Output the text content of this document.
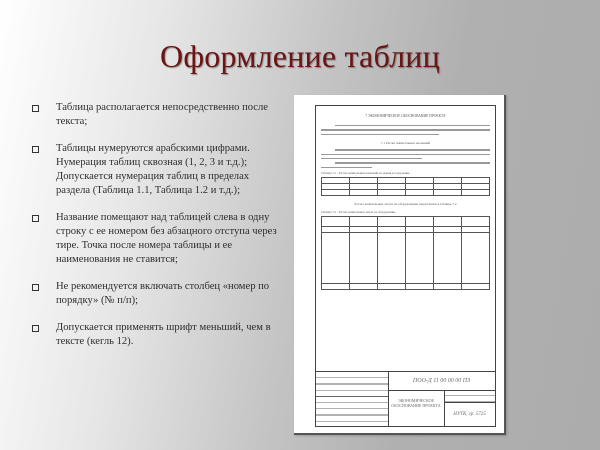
Оформление таблиц
Таблица располагается непосредственно после текста;
Таблицы нумеруются арабскими цифрами. Нумерация таблиц сквозная (1, 2, 3 и т.д.); Допускается нумерация таблиц в пределах раздела (Таблица 1.1, Таблица 1.2 и т.д.);
Название помещают над таблицей слева в одну строку с ее номером без абзацного отступа через тире. Точка после номера таблицы и ее наименования не ставится;
Не рекомендуется включать столбец «номер по порядку» (№ п/п);
Допускается применять шрифт меньший, чем в тексте (кегль 12).
7 ЭКОНОМИЧЕСКОЕ ОБОСНОВАНИЕ ПРОЕКТА
7.1 Расчет капитальных вложений
Таблица 7.1 – Расчет капитальных вложений на здания и сооружения

Расчет капитальных затрат на оборудование представлен в таблице 7.2
Таблица 7.2 – Расчет капитальных затрат на оборудование

ПОО-Д 11 00 00 00 ПЗ
ЭКОНОМИЧЕСКОЕ ОБОСНОВАНИЕ ПРОЕКТА
НУТК, гр. 5725
